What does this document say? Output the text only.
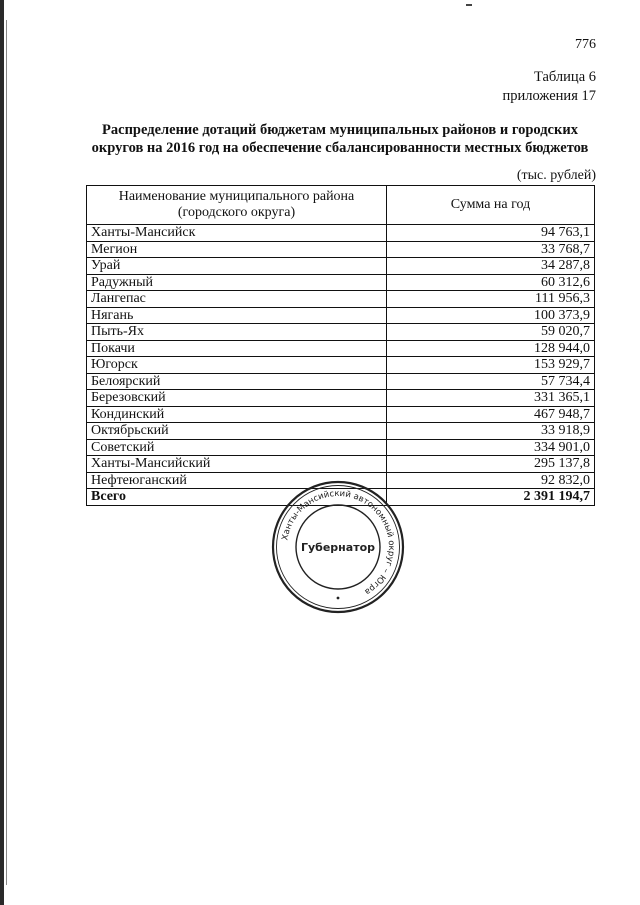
776
Таблица 6
приложения 17
Распределение дотаций бюджетам муниципальных районов и городских
округов на 2016 год на обеспечение сбалансированности местных бюджетов
(тыс. рублей)
Наименование муниципального района
(городского округа)	Сумма на год
Ханты-Мансийск	94 763,1
Мегион	33 768,7
Урай	34 287,8
Радужный	60 312,6
Лангепас	111 956,3
Нягань	100 373,9
Пыть-Ях	59 020,7
Покачи	128 944,0
Югорск	153 929,7
Белоярский	57 734,4
Березовский	331 365,1
Кондинский	467 948,7
Октябрьский	33 918,9
Советский	334 901,0
Ханты-Мансийский	295 137,8
Нефтеюганский	92 832,0
Всего	2 391 194,7
Ханты-Мансийский автономный округ – Югра
Губернатор
